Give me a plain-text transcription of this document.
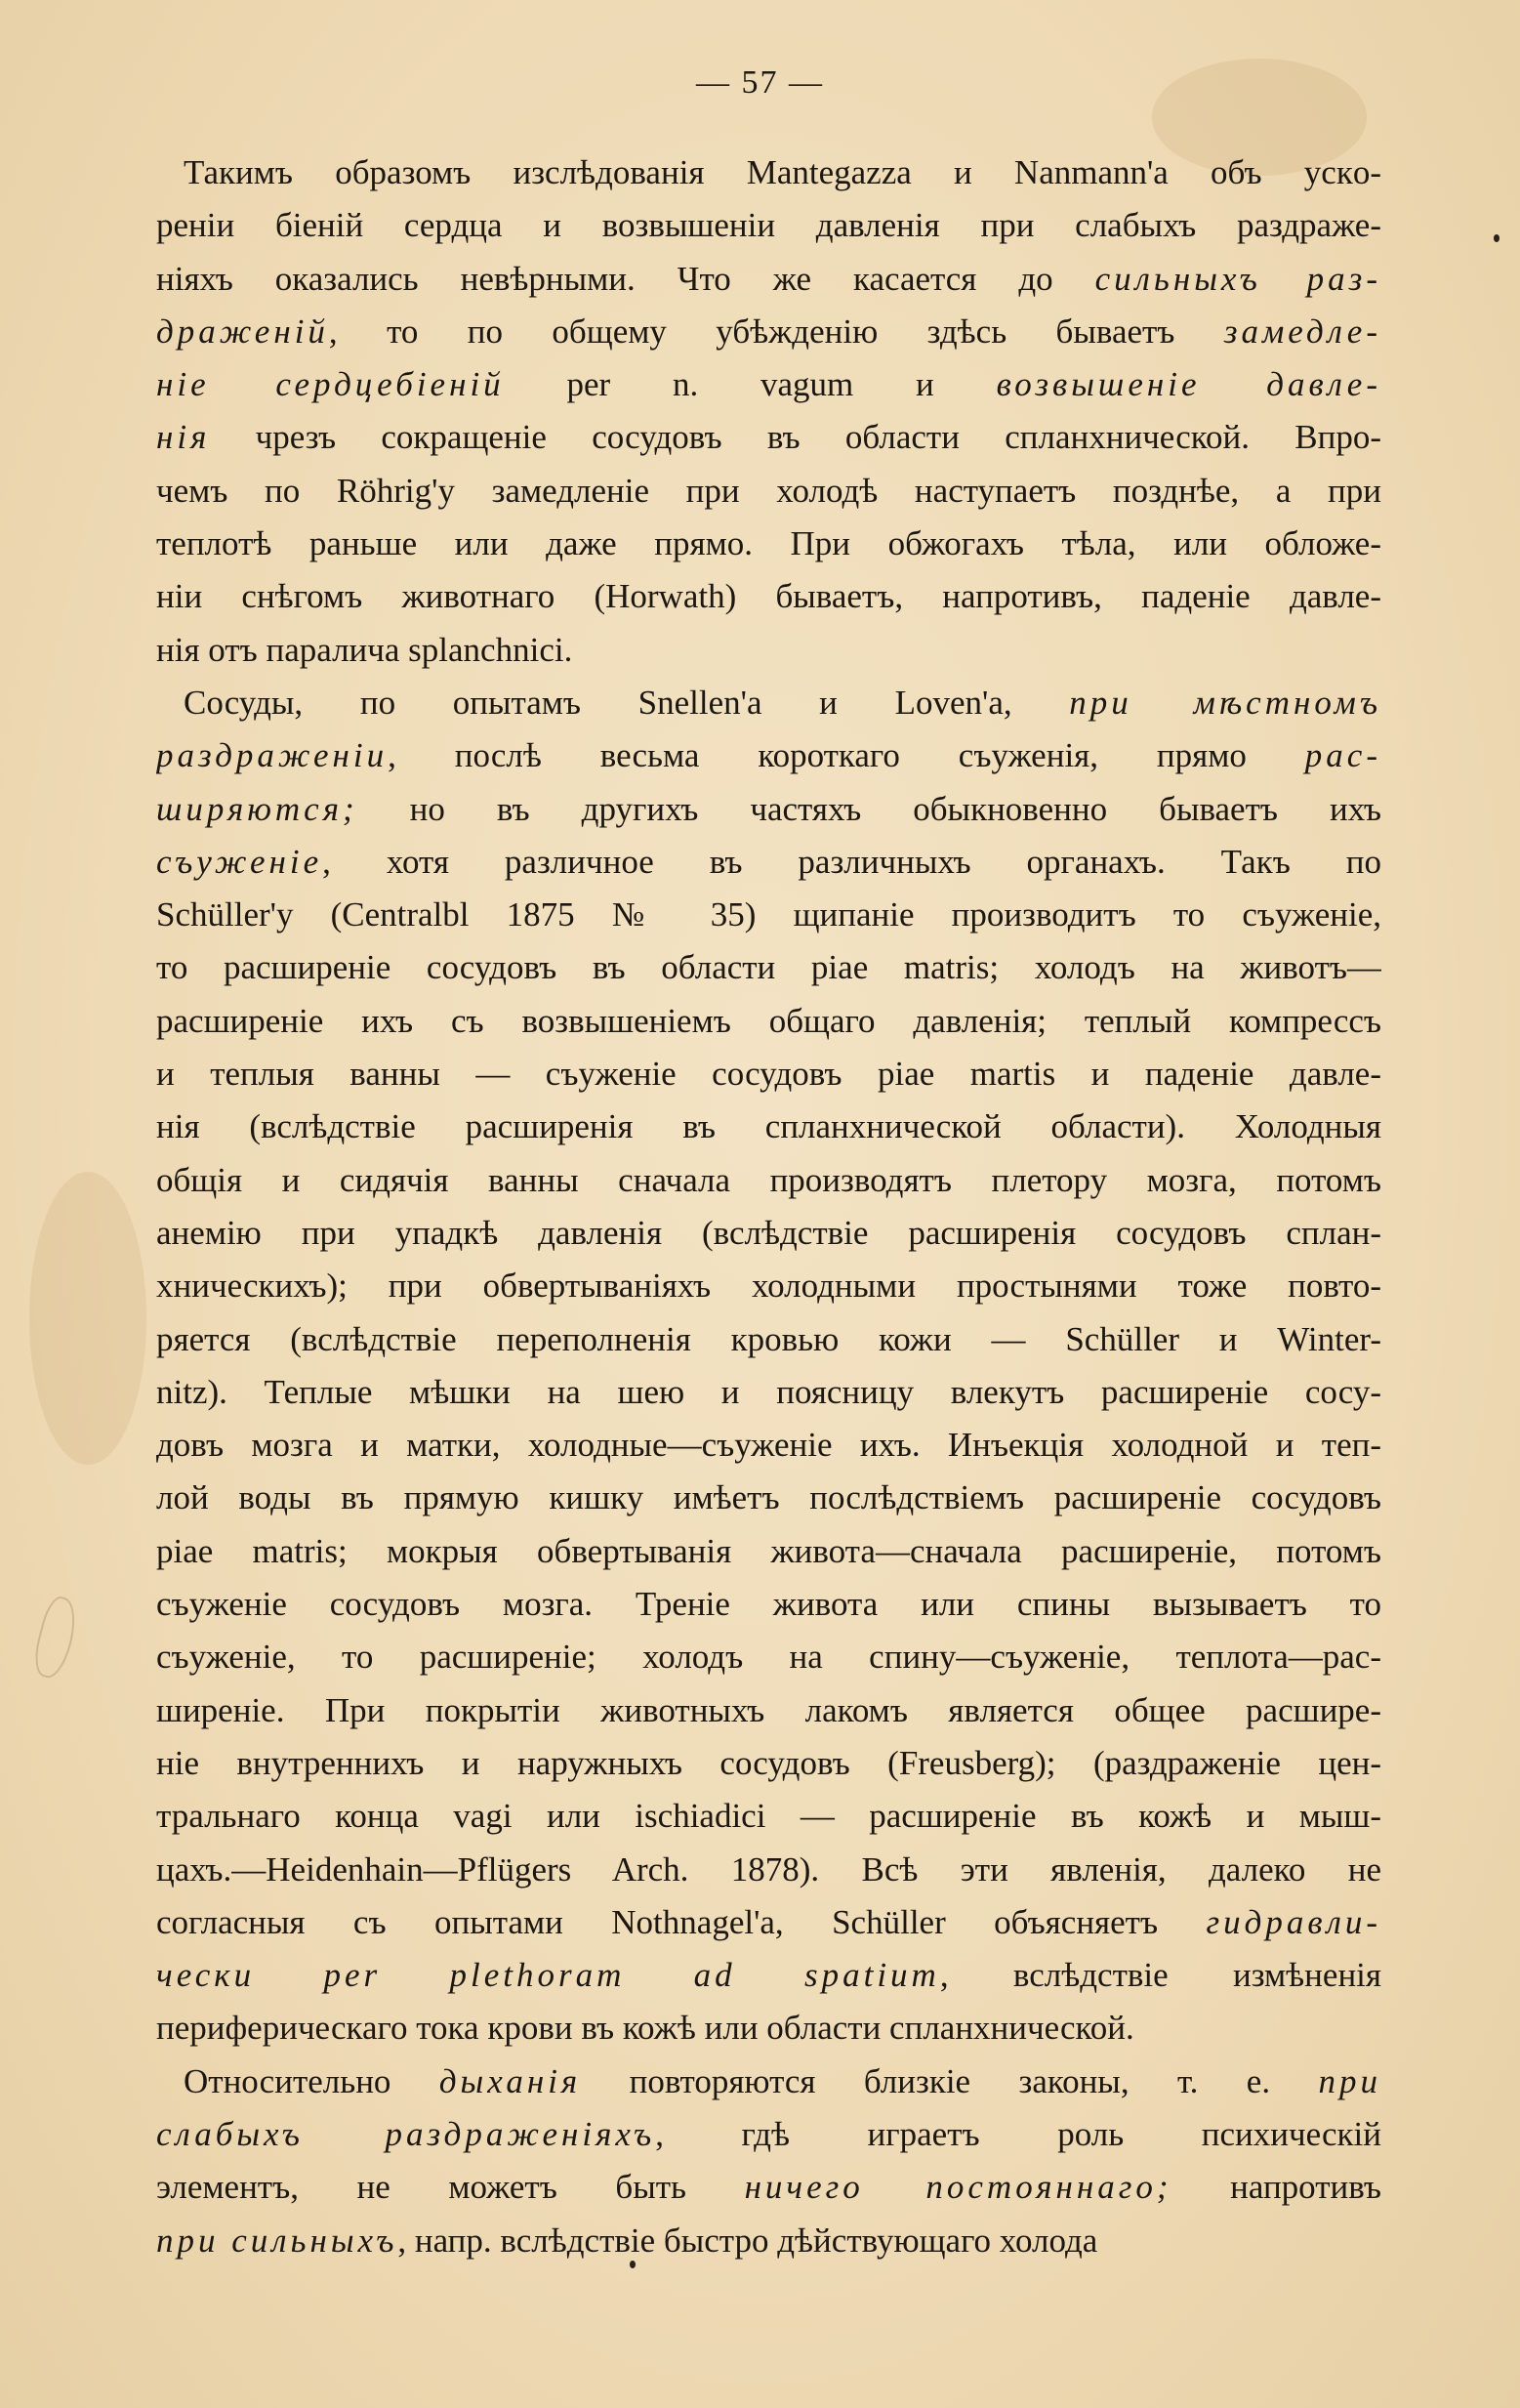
— 57 —
Такимъ образомъ изслѣдованія Mantegazza и Nаnmann'а объ ускo-
реніи біеній сердца и возвышеніи давленія при слабыхъ раздраже-
ніяхъ оказались невѣрными. Что же касается до сильныхъ раз-
драженій, то по общему убѣжденію здѣсь бываетъ замедле-
ніе сердцебіеній per n. vagum и возвышеніе давле-
нія чрезъ сокращеніе сосудовъ въ области спланхнической. Впро-
чемъ по Röhrig'у замедленіе при холодѣ наступаетъ позднѣе, а при
теплотѣ раньше или даже прямо. При обжогахъ тѣла, или обложе-
ніи снѣгомъ животнаго (Horwath) бываетъ, напротивъ, паденіе давле-
нія отъ паралича splanchnici.
Сосуды, по опытамъ Snellen'a и Loven'а, при мѣстномъ
раздраженіи, послѣ весьма короткаго съуженія, прямо рас-
ширяются; но въ другихъ частяхъ обыкновенно бываетъ ихъ
съуженіе, хотя различное въ различныхъ органахъ. Такъ по
Schüller'у (Centralbl 1875 № 35) щипаніе производитъ то съуженіе,
то расширеніе сосудовъ въ области piae matris; холодъ на животъ—
расширеніе ихъ съ возвышеніемъ общаго давленія; теплый компрессъ
и теплыя ванны — съуженіе сосудовъ piae martis и паденіе давле-
нія (вслѣдствіе расширенія въ спланхнической области). Холодныя
общія и сидячія ванны сначала производятъ плетору мозга, потомъ
анемію при упадкѣ давленія (вслѣдствіе расширенія сосудовъ сплан-
хническихъ); при обвертываніяхъ холодными простынями тоже повто-
ряется (вслѣдствіе переполненія кровью кожи — Schüller и Winter-
nitz). Теплые мѣшки на шею и поясницу влекутъ расширеніе сосу-
довъ мозга и матки, холодные—съуженіе ихъ. Инъекція холодной и теп-
лой воды въ прямую кишку имѣетъ послѣдствіемъ расширеніе сосудовъ
piae matris; мокрыя обвертыванія живота—сначала расширеніе, потомъ
съуженіе сосудовъ мозга. Треніе живота или спины вызываетъ то
съуженіе, то расширеніе; холодъ на спину—съуженіе, теплота—рас-
ширеніе. При покрытіи животныхъ лакомъ является общее расшире-
ніе внутреннихъ и наружныхъ сосудовъ (Freusberg); (раздраженіе цен-
тральнаго конца vagi или ischiadici — расширеніе въ кожѣ и мыш-
цахъ.—Heidenhain—Pflügers Arch. 1878). Всѣ эти явленія, далеко не
согласныя съ опытами Nothnagel'а, Schüller объясняетъ гидравли-
чески per plethoram ad spatium, вслѣдствіе измѣненія
периферическаго тока крови въ кожѣ или области спланхнической.
Относительно дыханія повторяются близкіе законы, т. е. при
слабыхъ раздраженіяхъ, гдѣ играетъ роль психическій
элементъ, не можетъ быть ничего постояннаго; напротивъ
при сильныхъ, напр. вслѣдствіе быстро дѣйствующаго холода
